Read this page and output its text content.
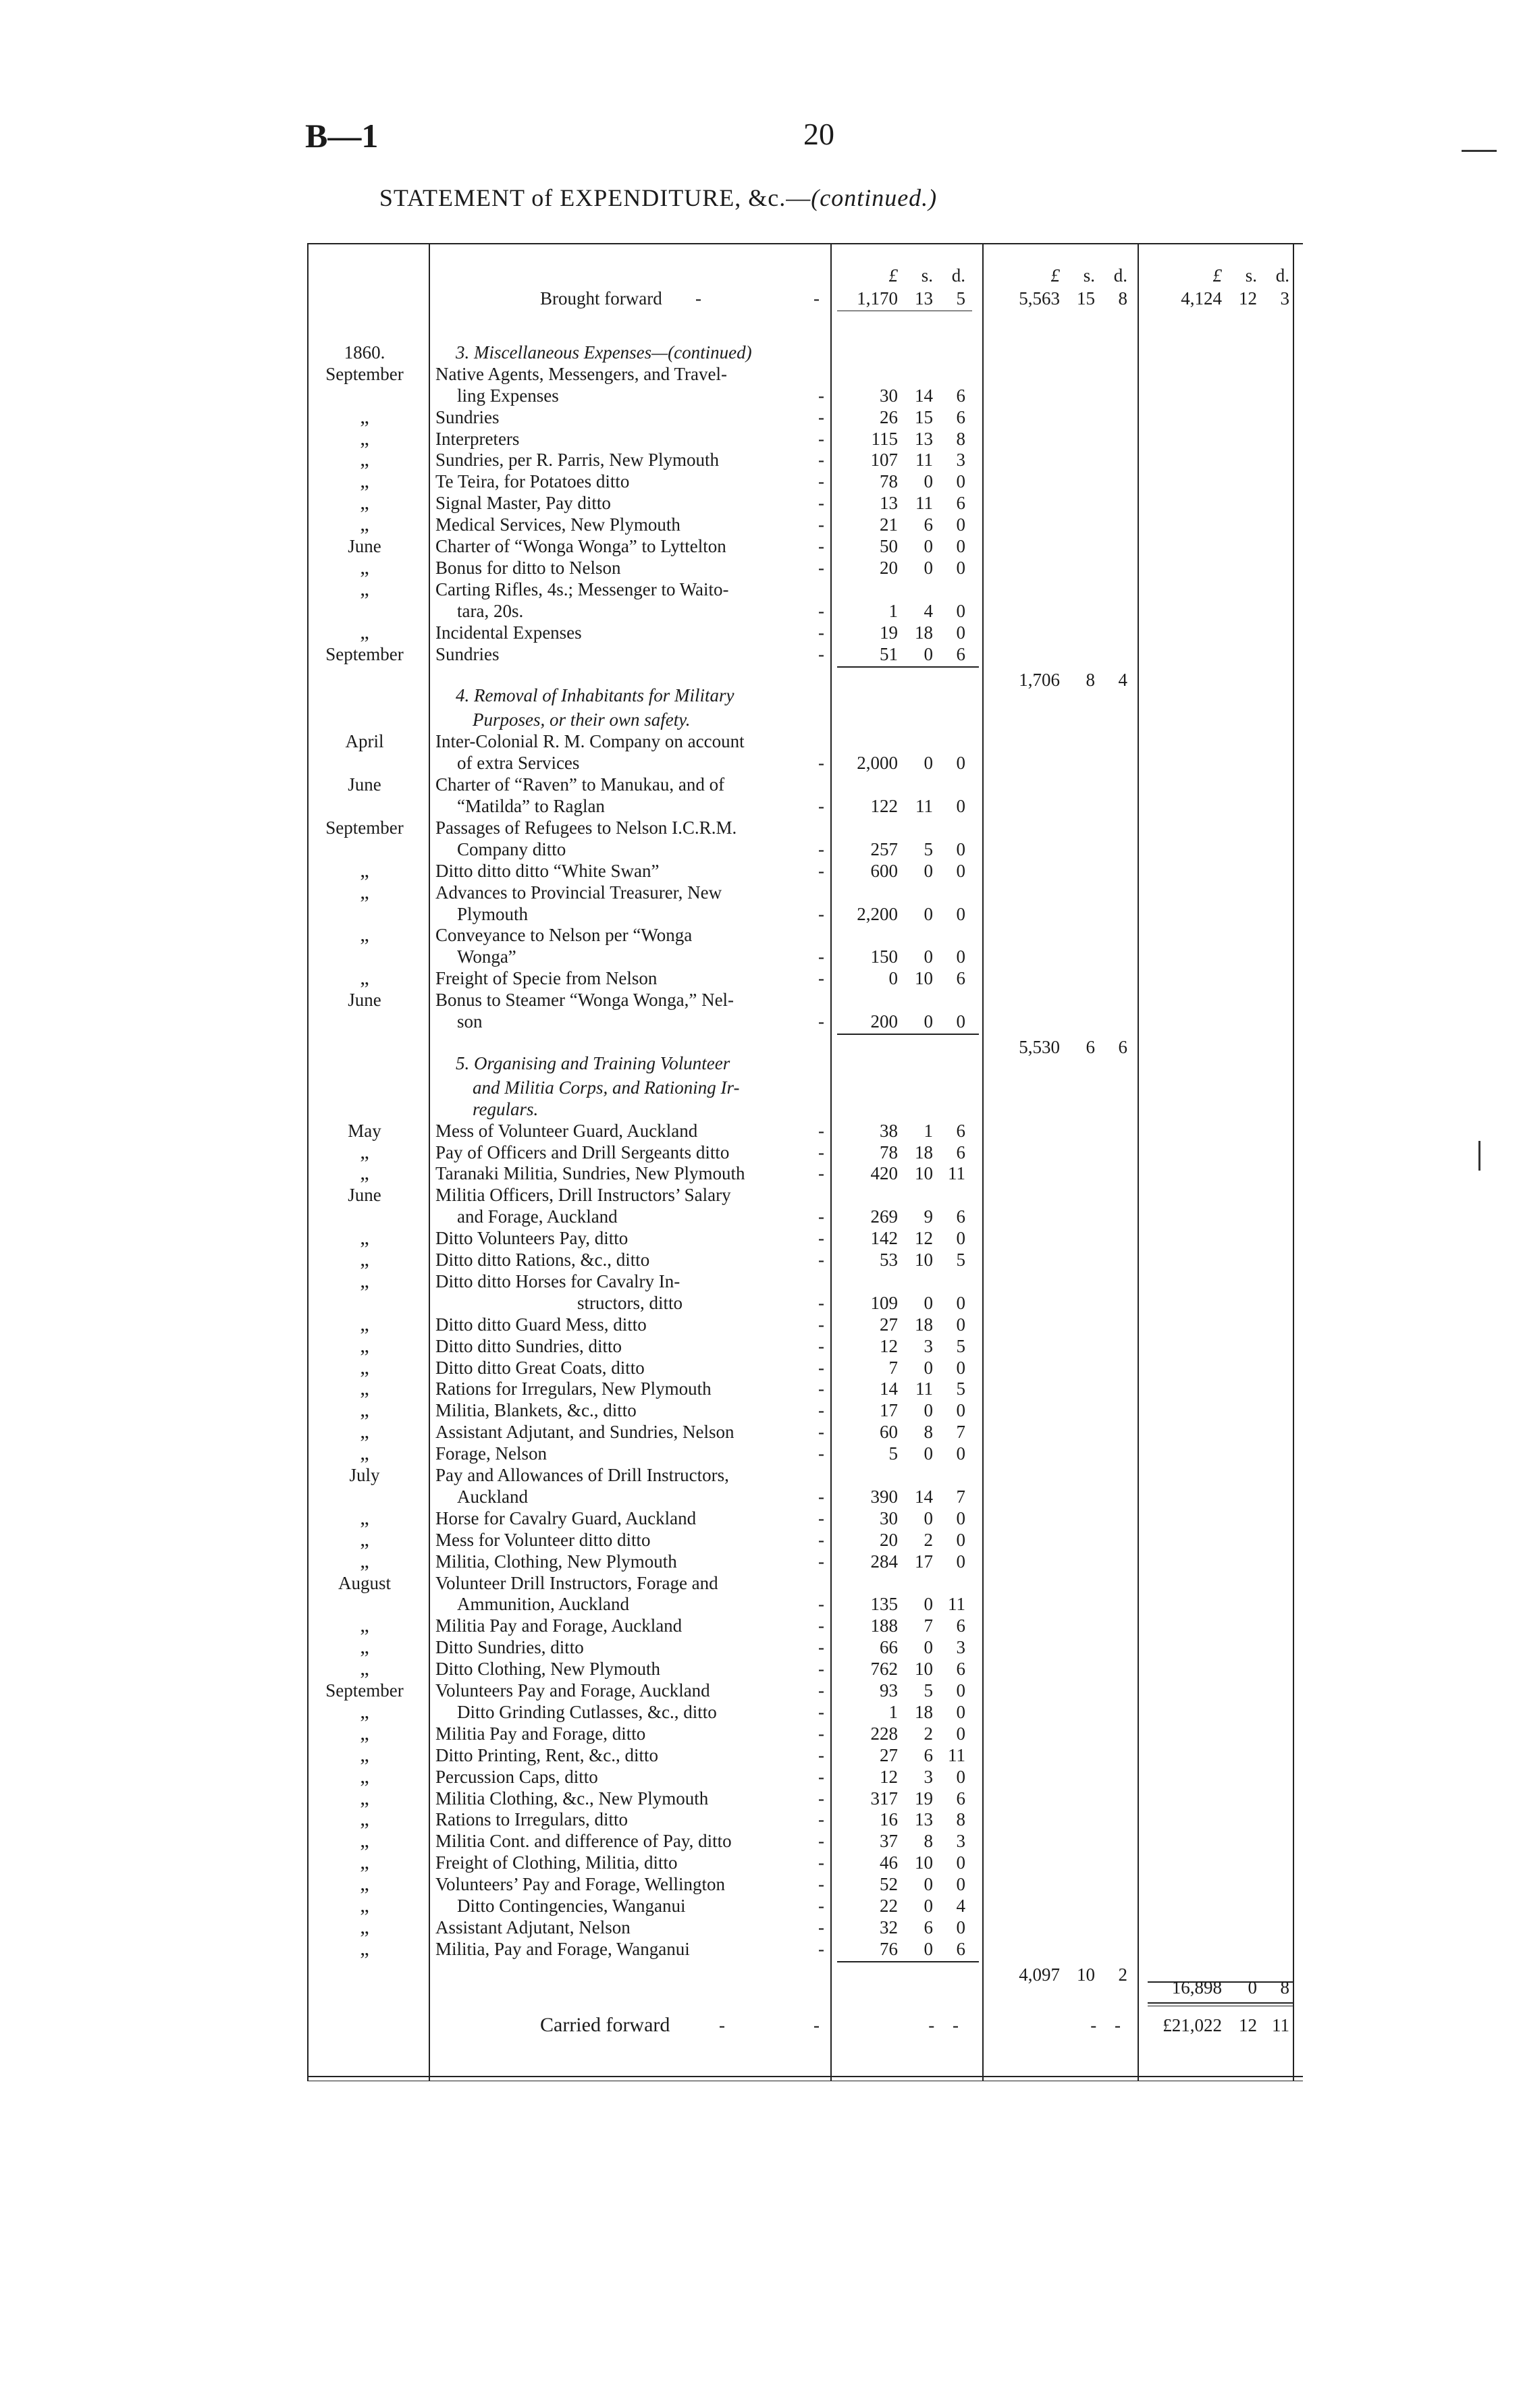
B—1	20
STATEMENT of EXPENDITURE, &c.—(continued.)
£	s.	d.	£	s.	d.	£	s.	d.
Brought forward -	-	1,170 13	5	5,563 15	8	4,124 12	3
1860.	3. Miscellaneous Expenses—(continued)
September	Native Agents, Messengers, and Travel-
ling Expenses	-	30 14	6
„	Sundries	-	26 15	6
„	Interpreters	-	115 13	8
„	Sundries, per R. Parris, New Plymouth	-	107 11	3
„	Te Teira, for Potatoes ditto	-	78	0	0
„	Signal Master, Pay ditto	-	13 11	6
„	Medical Services, New Plymouth	-	21	6	0
June	Charter of “Wonga Wonga” to Lyttelton	-	50	0	0
„	Bonus for ditto to Nelson	-	20	0	0
„	Carting Rifles, 4s.; Messenger to Waito-
tara, 20s.	-	1	4	0
„	Incidental Expenses	-	19 18	0
September	Sundries	-	51	0	6
1,706	8	4
4. Removal of Inhabitants for Military
Purposes, or their own safety.
April	Inter-Colonial R. M. Company on account
of extra Services	-	2,000	0	0
June	Charter of “Raven” to Manukau, and of
“Matilda” to Raglan	-	122 11	0
September	Passages of Refugees to Nelson I.C.R.M.
Company ditto	-	257	5	0
„	Ditto ditto ditto “White Swan”	-	600	0	0
„	Advances to Provincial Treasurer, New
Plymouth	-	2,200	0	0
„	Conveyance to Nelson per “Wonga
Wonga”	-	150	0	0
„	Freight of Specie from Nelson	-	0 10	6
June	Bonus to Steamer “Wonga Wonga,” Nel-
son	-	200	0	0
5,530	6	6
5. Organising and Training Volunteer
and Militia Corps, and Rationing Ir-
regulars.
May	Mess of Volunteer Guard, Auckland	-	38	1	6
„	Pay of Officers and Drill Sergeants ditto	-	78 18	6
„	Taranaki Militia, Sundries, New Plymouth	-	420 10 11
June	Militia Officers, Drill Instructors’ Salary
and Forage, Auckland	-	269	9	6
„	Ditto Volunteers Pay, ditto	-	142 12	0
„	Ditto ditto Rations, &c., ditto	-	53 10	5
„	Ditto ditto Horses for Cavalry In-
structors, ditto	-	109	0	0
„	Ditto ditto Guard Mess, ditto	-	27 18	0
„	Ditto ditto Sundries, ditto	-	12	3	5
„	Ditto ditto Great Coats, ditto	-	7	0	0
„	Rations for Irregulars, New Plymouth	-	14 11	5
„	Militia, Blankets, &c., ditto	-	17	0	0
„	Assistant Adjutant, and Sundries, Nelson	-	60	8	7
„	Forage, Nelson	-	5	0	0
July	Pay and Allowances of Drill Instructors,
Auckland	-	390 14	7
„	Horse for Cavalry Guard, Auckland	-	30	0	0
„	Mess for Volunteer ditto ditto	-	20	2	0
„	Militia, Clothing, New Plymouth	-	284 17	0
August	Volunteer Drill Instructors, Forage and
Ammunition, Auckland	-	135	0 11
„	Militia Pay and Forage, Auckland	-	188	7	6
„	Ditto Sundries, ditto	-	66	0	3
„	Ditto Clothing, New Plymouth	-	762 10	6
September	Volunteers Pay and Forage, Auckland	-	93	5	0
„	Ditto Grinding Cutlasses, &c., ditto	-	1 18	0
„	Militia Pay and Forage, ditto	-	228	2	0
„	Ditto Printing, Rent, &c., ditto	-	27	6 11
„	Percussion Caps, ditto	-	12	3	0
„	Militia Clothing, &c., New Plymouth	-	317 19	6
„	Rations to Irregulars, ditto	-	16 13	8
„	Militia Cont. and difference of Pay, ditto	-	37	8	3
„	Freight of Clothing, Militia, ditto	-	46 10	0
„	Volunteers’ Pay and Forage, Wellington	-	52	0	0
„	Ditto Contingencies, Wanganui	-	22	0	4
„	Assistant Adjutant, Nelson	-	32	6	0
„	Militia, Pay and Forage, Wanganui	-	76	0	6
4,097 10	2
16,898	0	8
Carried forward	-	-	- -	- -	£21,022 12 11
